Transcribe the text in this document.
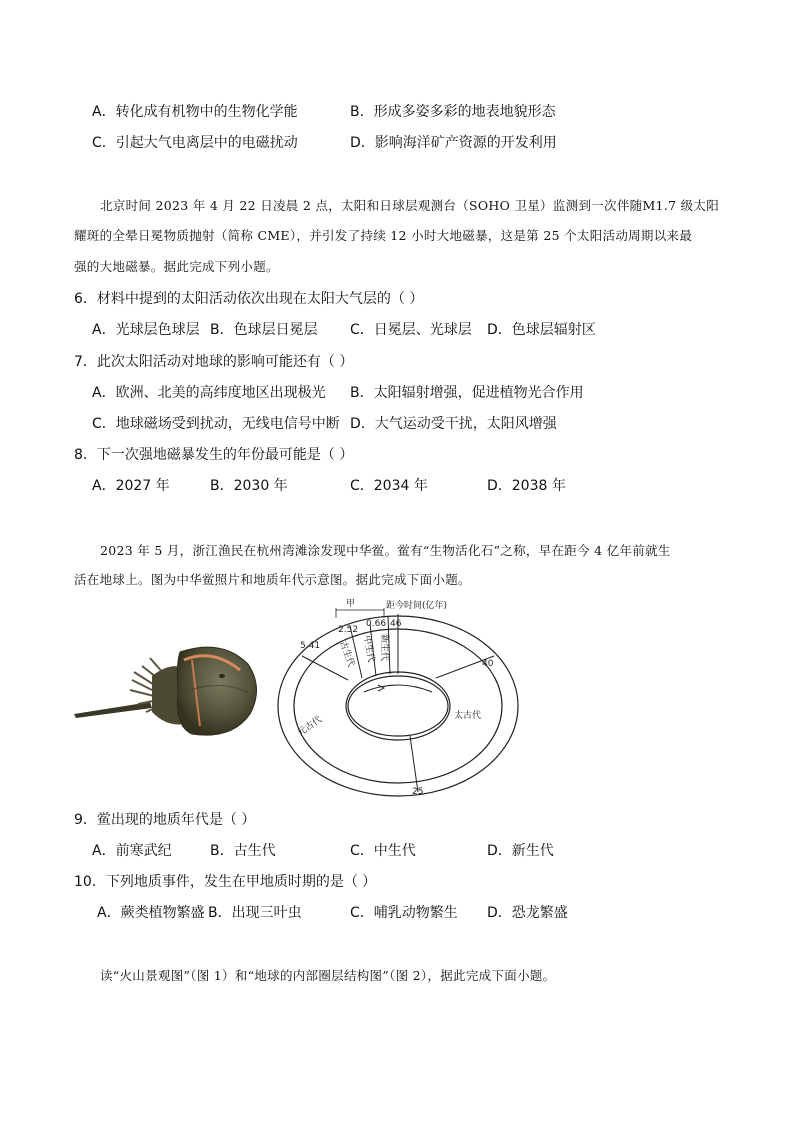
A．转化成有机物中的生物化学能	B．形成多姿多彩的地表地貌形态
C．引起大气电离层中的电磁扰动	D．影响海洋矿产资源的开发利用
北京时间 2023 年 4 月 22 日凌晨 2 点，太阳和日球层观测台（SOHO 卫星）监测到一次伴随M1.7 级太阳
耀斑的全晕日冕物质抛射（简称 CME），并引发了持续 12 小时大地磁暴，这是第 25 个太阳活动周期以来最
强的大地磁暴。据此完成下列小题。
6．材料中提到的太阳活动依次出现在太阳大气层的（ ）
A．光球层色球层 B．色球层日冕层 C．日冕层、光球层 D．色球层辐射区
7．此次太阳活动对地球的影响可能还有（ ）
A．欧洲、北美的高纬度地区出现极光 B．太阳辐射增强，促进植物光合作用
C．地球磁场受到扰动，无线电信号中断 D．大气运动受干扰，太阳风增强
8．下一次强地磁暴发生的年份最可能是（ ）
A．2027 年	B．2030 年	C．2034 年	D．2038 年
2023 年 5 月，浙江渔民在杭州湾滩涂发现中华鲎。鲎有“生物活化石”之称，早在距今 4 亿年前就生
活在地球上。图为中华鲎照片和地质年代示意图。据此完成下面小题。
甲	距今时间(亿年)
5.41
2.52
0.66 46
40
25
古生代 中生代 新生代
太古代
元古代
9．鲎出现的地质年代是（ ）
A．前寒武纪	B．古生代	C．中生代	D．新生代
10．下列地质事件，发生在甲地质时期的是（ ）
A．蕨类植物繁盛 B．出现三叶虫	C．哺乳动物繁生 D．恐龙繁盛
读“火山景观图”（图 1）和“地球的内部圈层结构图”（图 2），据此完成下面小题。
